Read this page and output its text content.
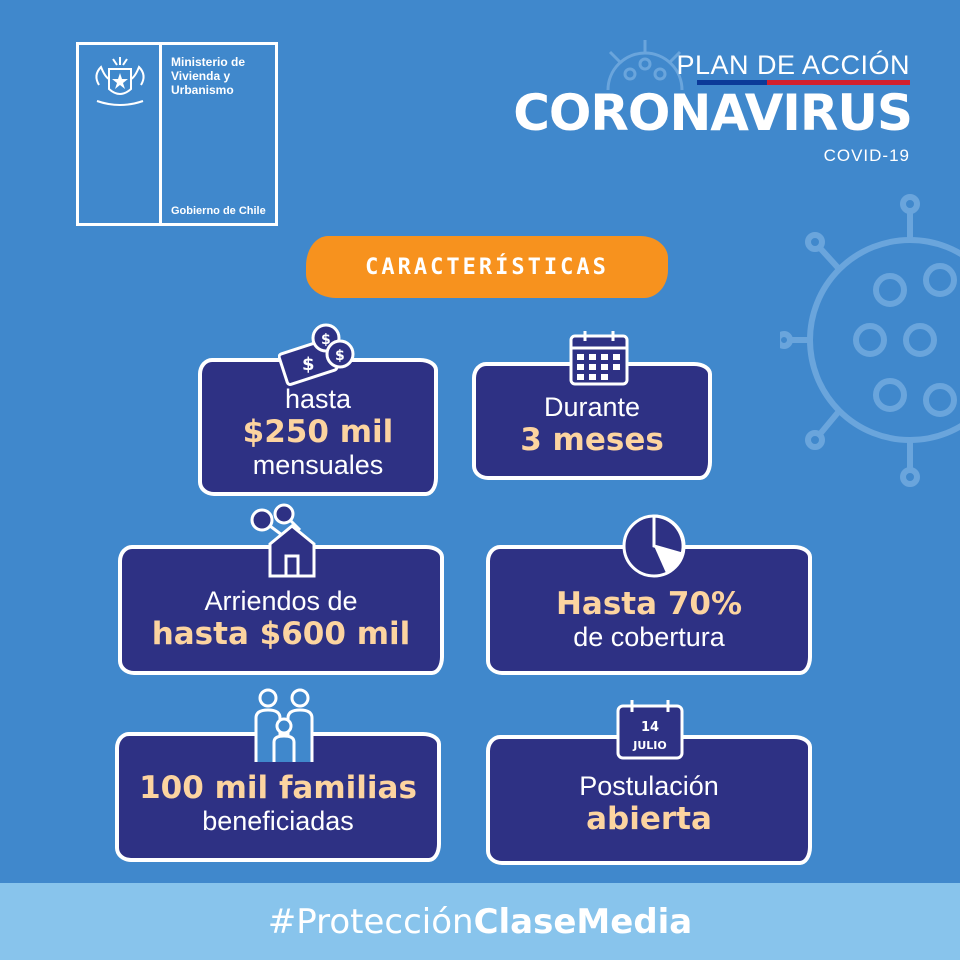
Ministerio de
Vivienda y
Urbanismo
Gobierno de Chile
PLAN DE ACCIÓN
CORONAVIRUS
COVID-19
CARACTERÍSTICAS
hasta
$250 mil
mensuales
$
$
$
Durante
3 meses
Arriendos de
hasta $600 mil
Hasta 70%
de cobertura
100 mil familias
beneficiadas
Postulación
abierta
14
JULIO
#Protección ClaseMedia
